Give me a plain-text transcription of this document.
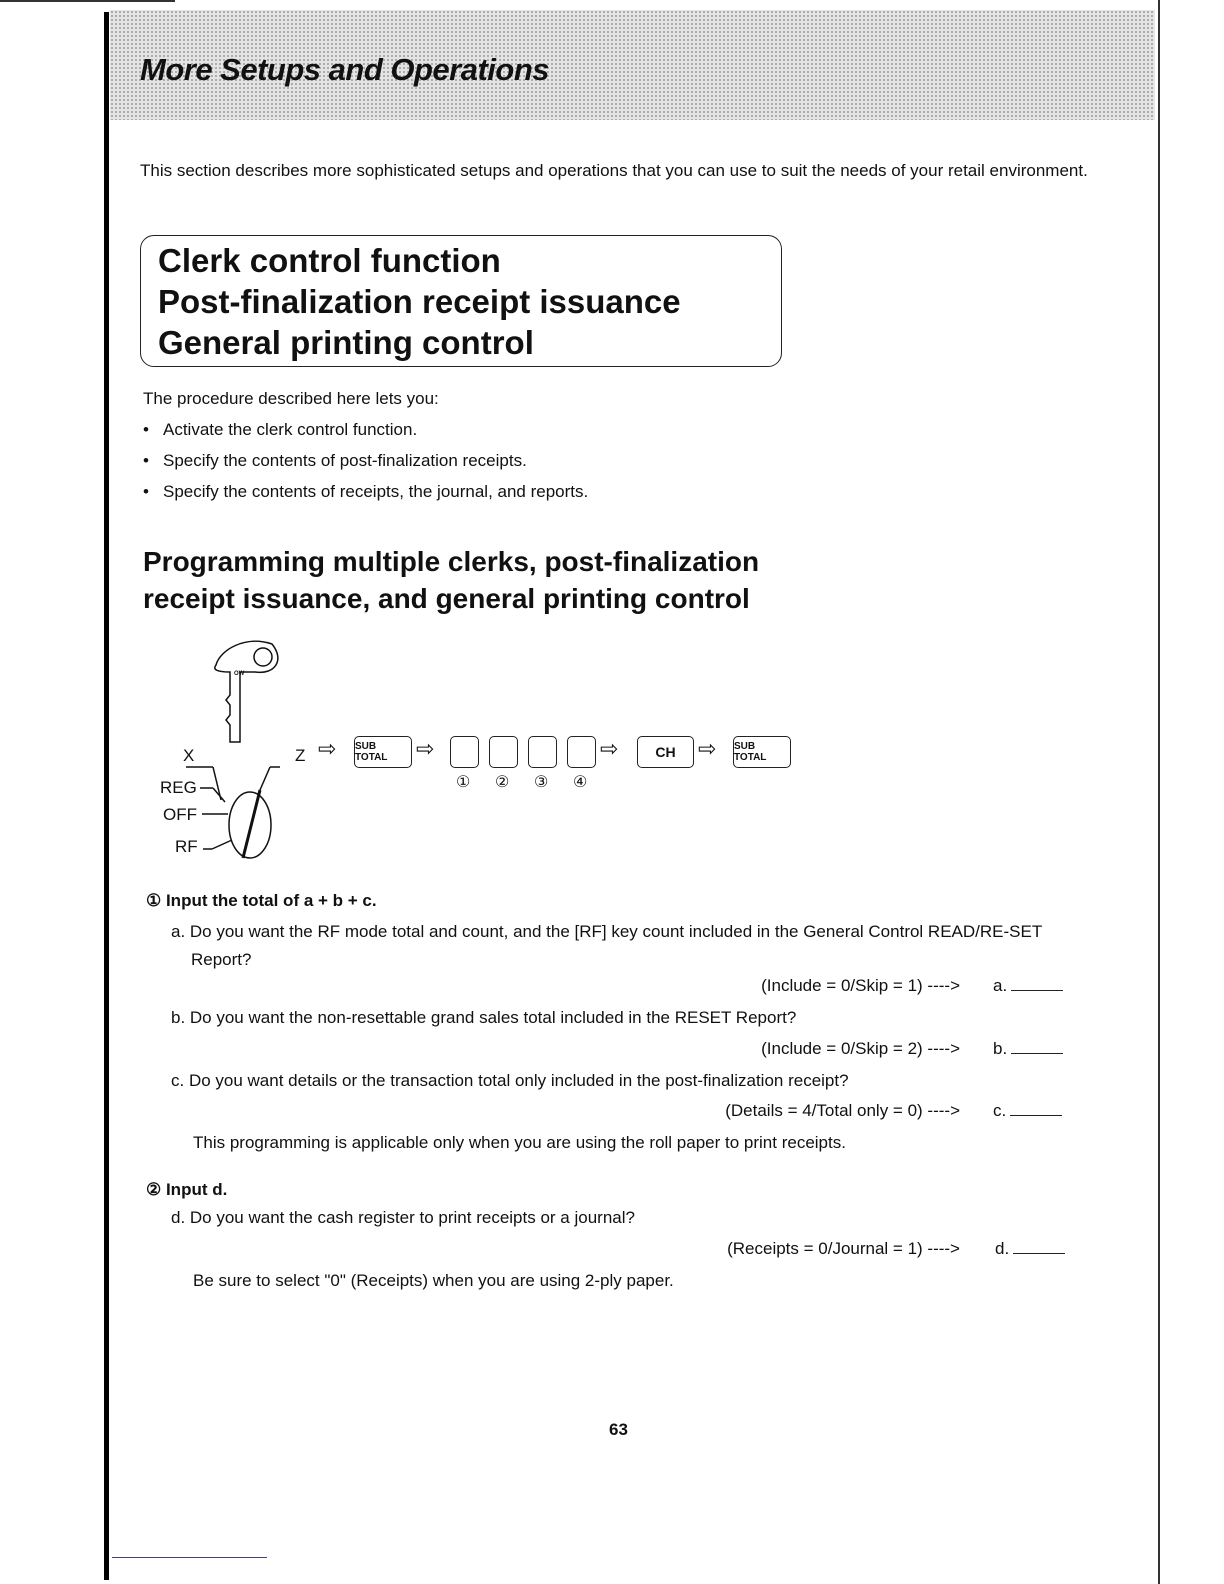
More Setups and Operations
This section describes more sophisticated setups and operations that you can use to suit the needs of your retail environment.
Clerk control function
Post-finalization receipt issuance
General printing control
The procedure described here lets you:
• Activate the clerk control function.
• Specify the contents of post-finalization receipts.
• Specify the contents of receipts, the journal, and reports.
Programming multiple clerks, post-finalization
receipt issuance, and general printing control
X
REG
OFF
RF
Z
OW
⇨ SUB TOTAL	⇨	⇨	CH	⇨ SUB TOTAL
① ② ③ ④
① Input the total of a + b + c.
a. Do you want the RF mode total and count, and the [RF] key count included in the General Control READ/RE-SET Report?
(Include = 0/Skip = 1) ----> a.
b. Do you want the non-resettable grand sales total included in the RESET Report?
(Include = 0/Skip = 2) ----> b.
c. Do you want details or the transaction total only included in the post-finalization receipt?
(Details = 4/Total only = 0) ----> c.
This programming is applicable only when you are using the roll paper to print receipts.
② Input d.
d. Do you want the cash register to print receipts or a journal?
(Receipts = 0/Journal = 1) ----> d.
Be sure to select "0" (Receipts) when you are using 2-ply paper.
63
